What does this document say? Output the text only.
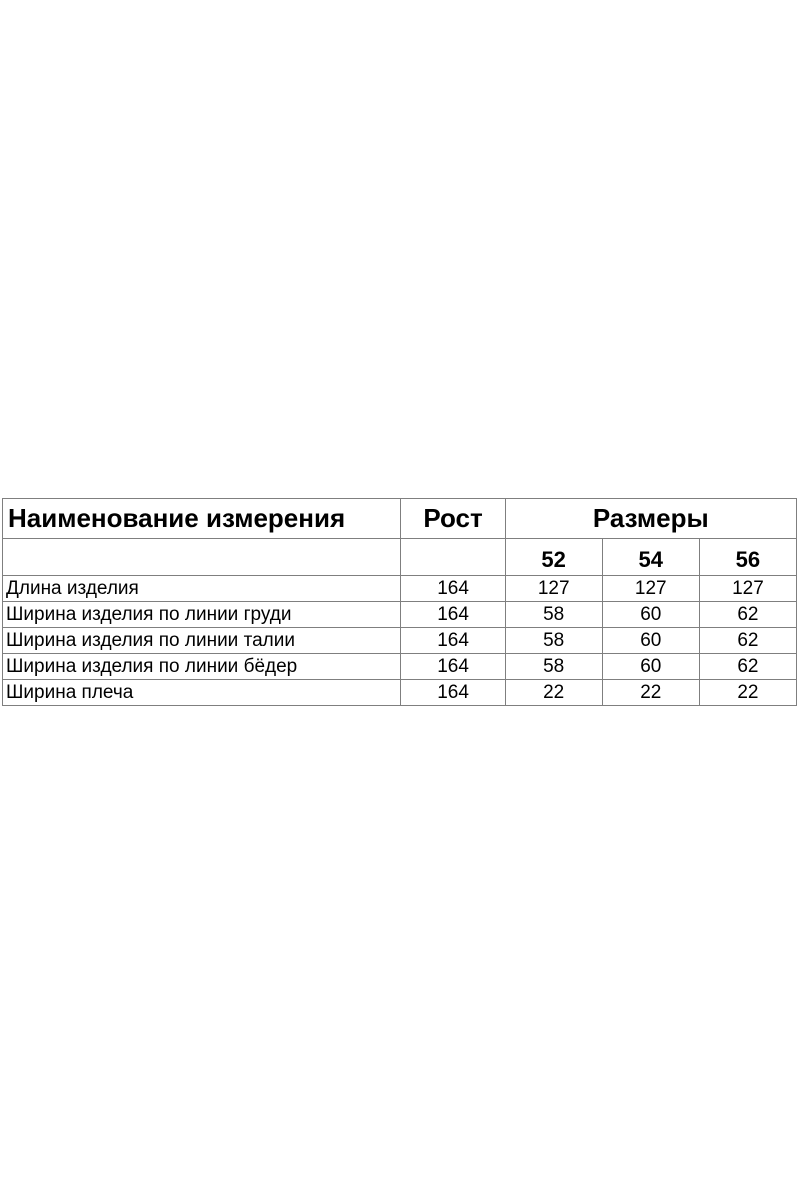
Наименование измерения	Рост	Размеры		
		52	54	56
Длина изделия	164	127	127	127
Ширина изделия по линии груди	164	58	60	62
Ширина изделия по линии талии	164	58	60	62
Ширина изделия по линии бёдер	164	58	60	62
Ширина плеча	164	22	22	22
